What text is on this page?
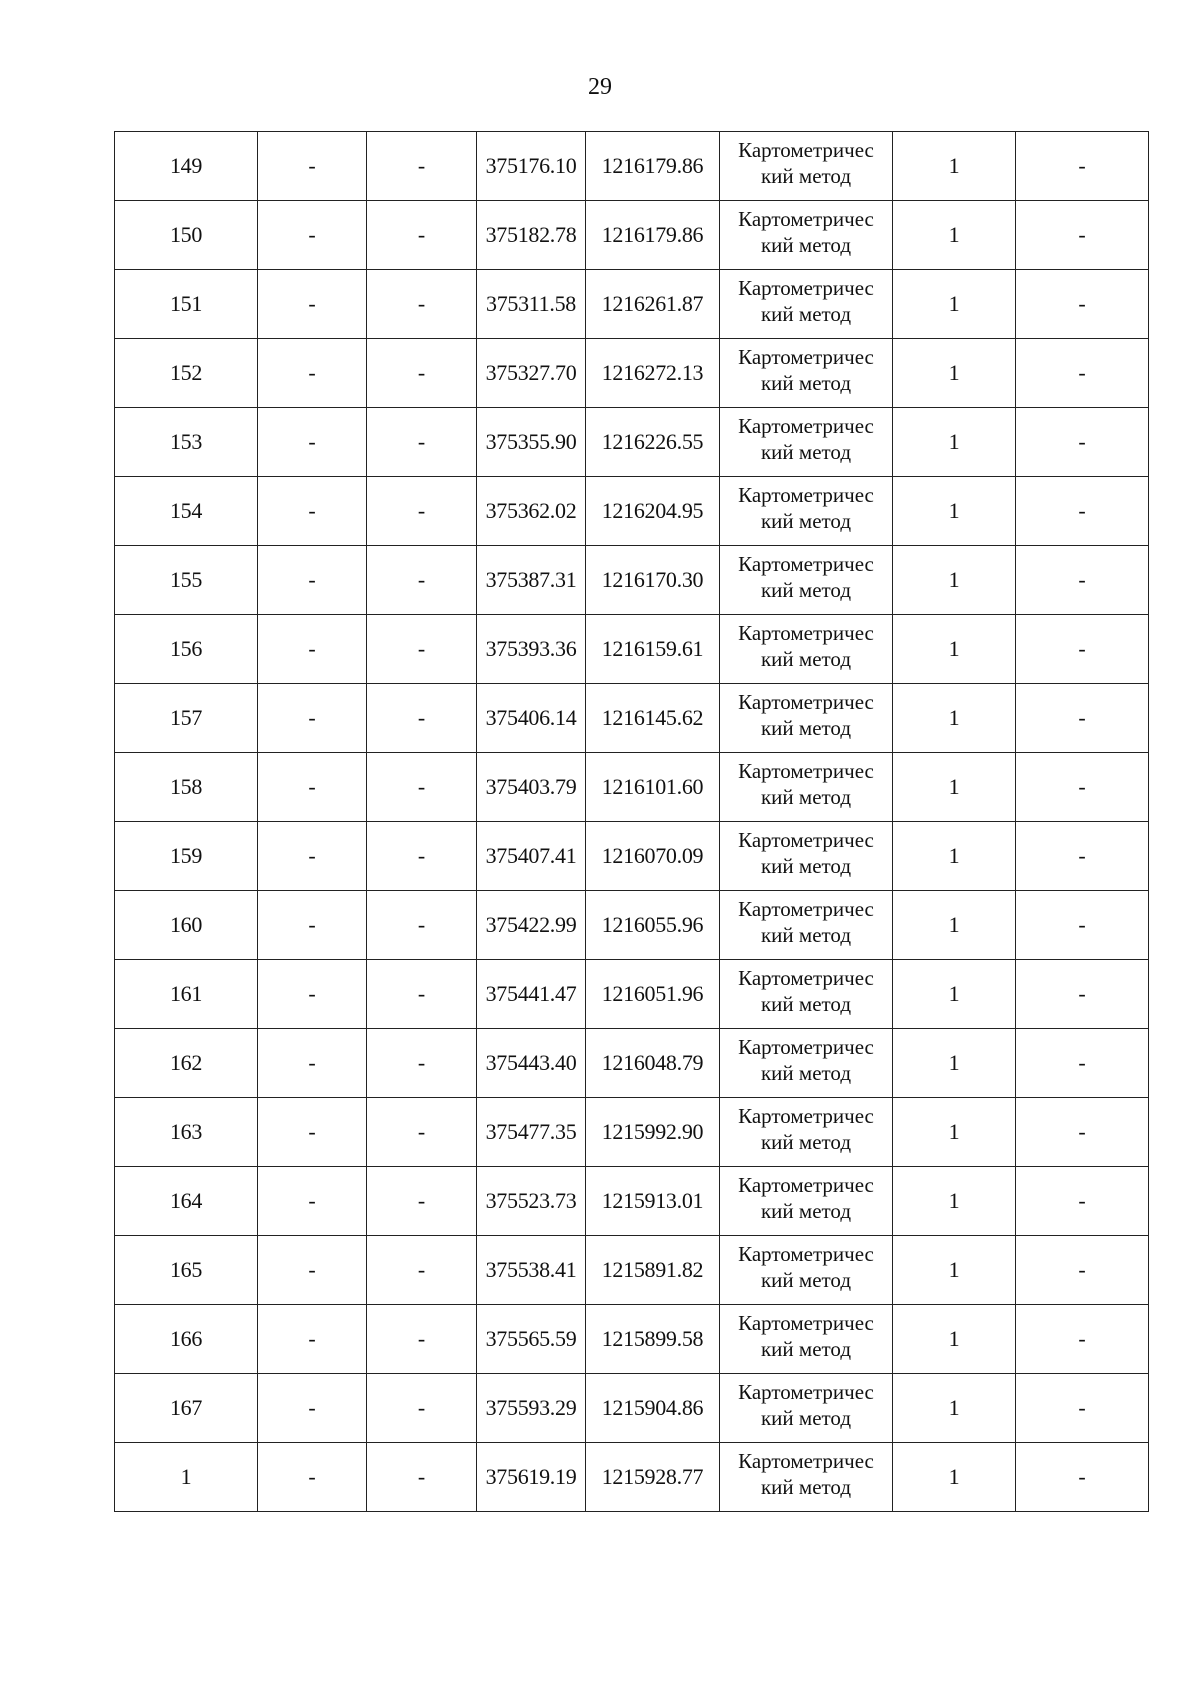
29
149	-	-	375176.10	1216179.86	Картометричес
кий метод	1	-
150	-	-	375182.78	1216179.86	Картометричес
кий метод	1	-
151	-	-	375311.58	1216261.87	Картометричес
кий метод	1	-
152	-	-	375327.70	1216272.13	Картометричес
кий метод	1	-
153	-	-	375355.90	1216226.55	Картометричес
кий метод	1	-
154	-	-	375362.02	1216204.95	Картометричес
кий метод	1	-
155	-	-	375387.31	1216170.30	Картометричес
кий метод	1	-
156	-	-	375393.36	1216159.61	Картометричес
кий метод	1	-
157	-	-	375406.14	1216145.62	Картометричес
кий метод	1	-
158	-	-	375403.79	1216101.60	Картометричес
кий метод	1	-
159	-	-	375407.41	1216070.09	Картометричес
кий метод	1	-
160	-	-	375422.99	1216055.96	Картометричес
кий метод	1	-
161	-	-	375441.47	1216051.96	Картометричес
кий метод	1	-
162	-	-	375443.40	1216048.79	Картометричес
кий метод	1	-
163	-	-	375477.35	1215992.90	Картометричес
кий метод	1	-
164	-	-	375523.73	1215913.01	Картометричес
кий метод	1	-
165	-	-	375538.41	1215891.82	Картометричес
кий метод	1	-
166	-	-	375565.59	1215899.58	Картометричес
кий метод	1	-
167	-	-	375593.29	1215904.86	Картометричес
кий метод	1	-
1	-	-	375619.19	1215928.77	Картометричес
кий метод	1	-
